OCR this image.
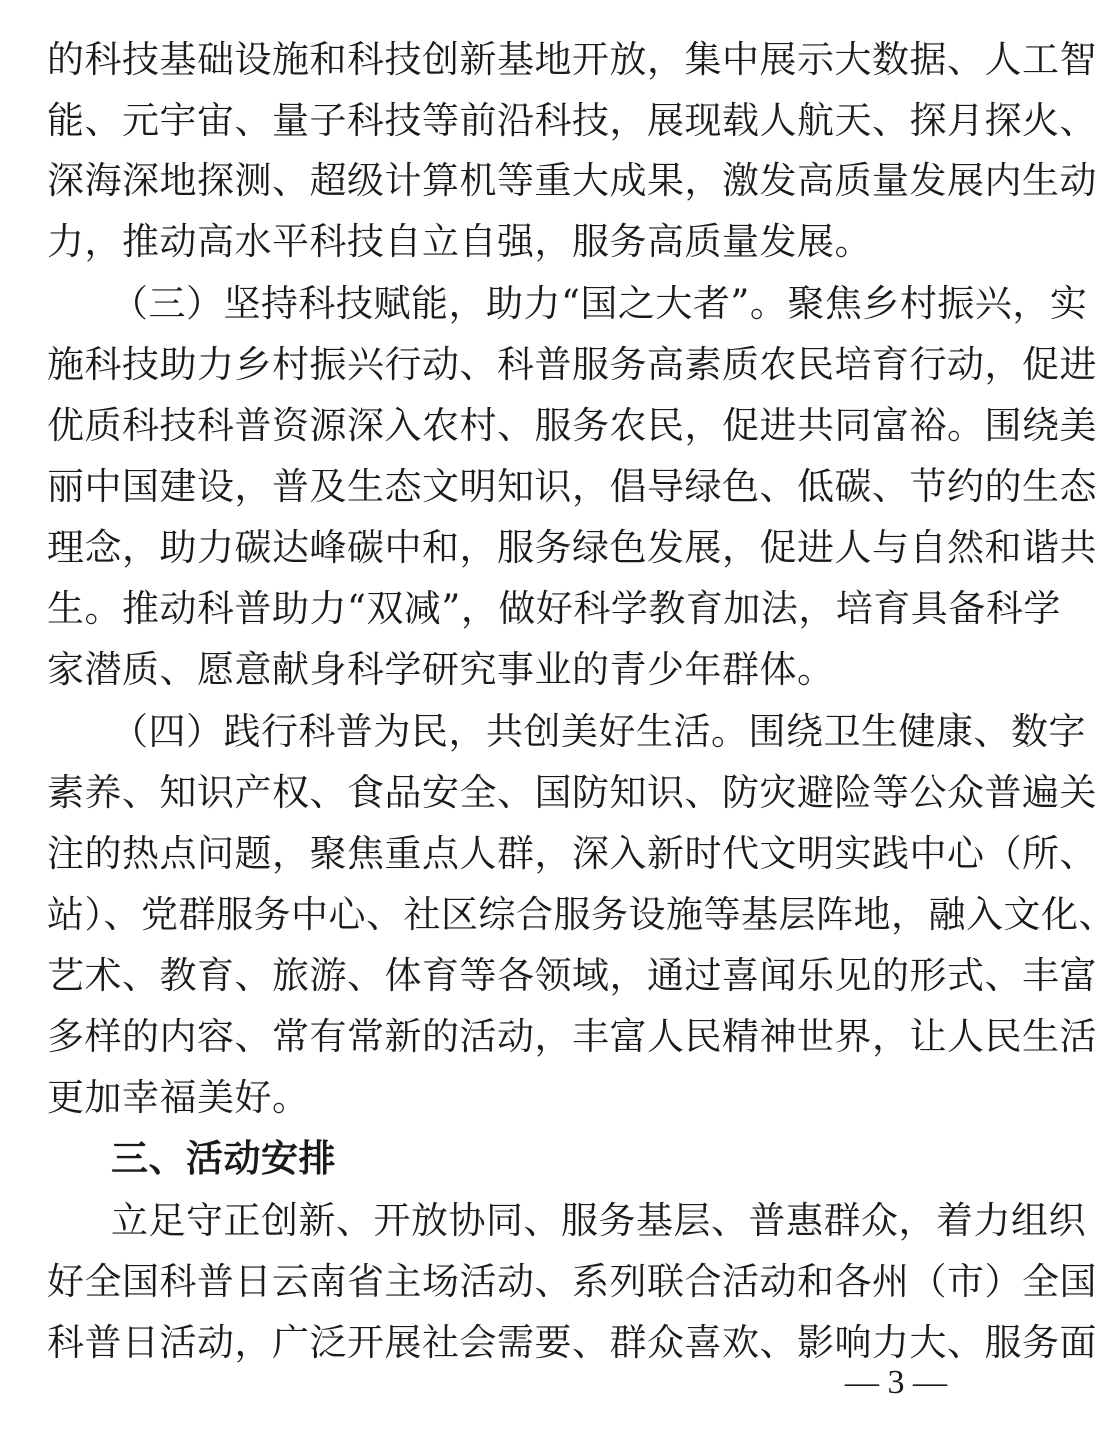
的科技基础设施和科技创新基地开放，集中展示大数据、人工智
能、元宇宙、量子科技等前沿科技，展现载人航天、探月探火、
深海深地探测、超级计算机等重大成果，激发高质量发展内生动
力，推动高水平科技自立自强，服务高质量发展。
（三）坚持科技赋能，助力“国之大者”。聚焦乡村振兴，实
施科技助力乡村振兴行动、科普服务高素质农民培育行动，促进
优质科技科普资源深入农村、服务农民，促进共同富裕。围绕美
丽中国建设，普及生态文明知识，倡导绿色、低碳、节约的生态
理念，助力碳达峰碳中和，服务绿色发展，促进人与自然和谐共
生。推动科普助力“双减”，做好科学教育加法，培育具备科学
家潜质、愿意献身科学研究事业的青少年群体。
（四）践行科普为民，共创美好生活。围绕卫生健康、数字
素养、知识产权、食品安全、国防知识、防灾避险等公众普遍关
注的热点问题，聚焦重点人群，深入新时代文明实践中心（所、
站）、党群服务中心、社区综合服务设施等基层阵地，融入文化、
艺术、教育、旅游、体育等各领域，通过喜闻乐见的形式、丰富
多样的内容、常有常新的活动，丰富人民精神世界，让人民生活
更加幸福美好。
三、活动安排
立足守正创新、开放协同、服务基层、普惠群众，着力组织
好全国科普日云南省主场活动、系列联合活动和各州（市）全国
科普日活动，广泛开展社会需要、群众喜欢、影响力大、服务面
— 3 —
